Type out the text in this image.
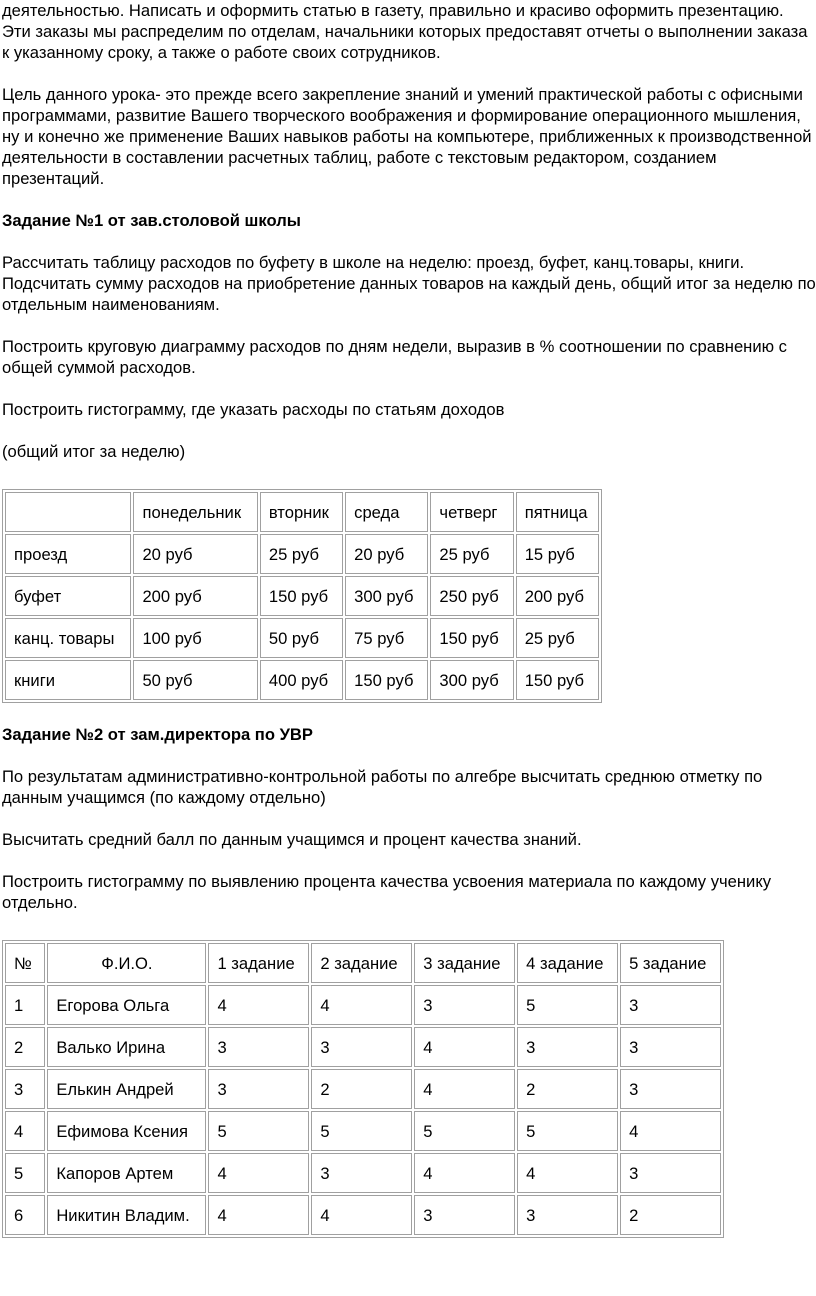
деятельностью. Написать и оформить статью в газету, правильно и красиво оформить презентацию. Эти заказы мы распределим по отделам, начальники которых предоставят отчеты о выполнении заказа к указанному сроку, а также о работе своих сотрудников.

Цель данного урока- это прежде всего закрепление знаний и умений практической работы с офисными программами, развитие Вашего творческого воображения и формирование операционного мышления, ну и конечно же применение Ваших навыков работы на компьютере, приближенных к производственной деятельности в составлении расчетных таблиц, работе с текстовым редактором, созданием презентаций.

Задание №1 от зав.столовой школы

Рассчитать таблицу расходов по буфету в школе на неделю: проезд, буфет, канц.товары, книги. Подсчитать сумму расходов на приобретение данных товаров на каждый день, общий итог за неделю по отдельным наименованиям.

Построить круговую диаграмму расходов по дням недели, выразив в % соотношении по сравнению с общей суммой расходов.

Построить гистограмму, где указать расходы по статьям доходов

(общий итог за неделю)

	понедельник	вторник	среда	четверг	пятница
проезд	20 руб	25 руб	20 руб	25 руб	15 руб
буфет	200 руб	150 руб	300 руб	250 руб	200 руб
канц. товары	100 руб	50 руб	75 руб	150 руб	25 руб
книги	50 руб	400 руб	150 руб	300 руб	150 руб

Задание №2 от зам.директора по УВР

По результатам административно-контрольной работы по алгебре высчитать среднюю отметку по данным учащимся (по каждому отдельно)

Высчитать средний балл по данным учащимся и процент качества знаний.

Построить гистограмму по выявлению процента качества усвоения материала по каждому ученику отдельно.

№	Ф.И.О.	1 задание	2 задание	3 задание	4 задание	5 задание
1	Егорова Ольга	4	4	3	5	3
2	Валько Ирина	3	3	4	3	3
3	Елькин Андрей	3	2	4	2	3
4	Ефимова Ксения	5	5	5	5	4
5	Капоров Артем	4	3	4	4	3
6	Никитин Владим.	4	4	3	3	2
